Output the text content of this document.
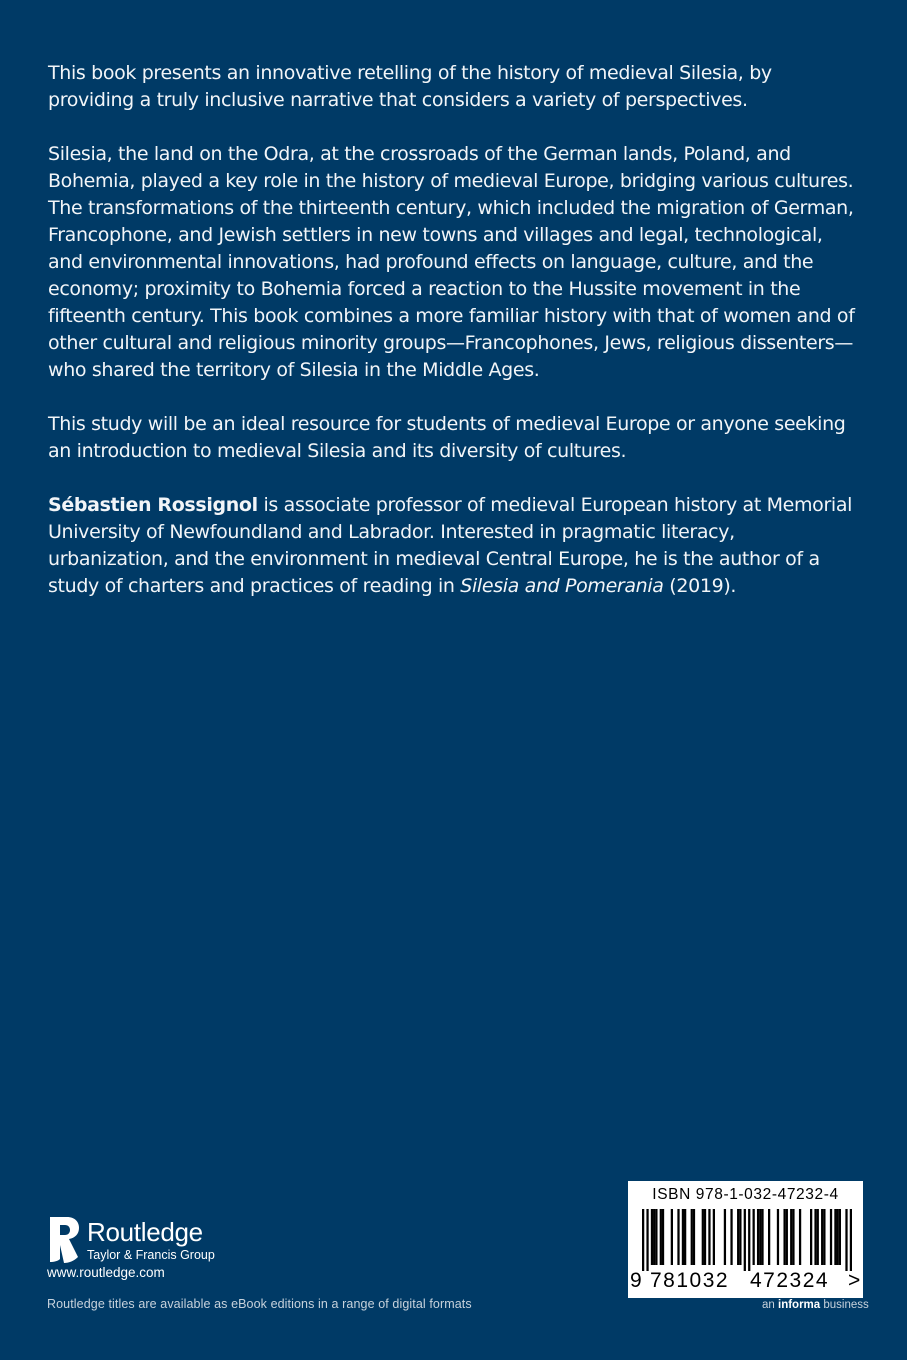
This book presents an innovative retelling of the history of medieval Silesia, by providing a truly inclusive narrative that considers a variety of perspectives.

Silesia, the land on the Odra, at the crossroads of the German lands, Poland, and Bohemia, played a key role in the history of medieval Europe, bridging various cultures. The transformations of the thirteenth century, which included the migration of German, Francophone, and Jewish settlers in new towns and villages and legal, technological, and environmental innovations, had profound effects on language, culture, and the economy; proximity to Bohemia forced a reaction to the Hussite movement in the fifteenth century. This book combines a more familiar history with that of women and of other cultural and religious minority groups—Francophones, Jews, religious dissenters—who shared the territory of Silesia in the Middle Ages.

This study will be an ideal resource for students of medieval Europe or anyone seeking an introduction to medieval Silesia and its diversity of cultures.

Sébastien Rossignol is associate professor of medieval European history at Memorial University of Newfoundland and Labrador. Interested in pragmatic literacy, urbanization, and the environment in medieval Central Europe, he is the author of a study of charters and practices of reading in Silesia and Pomerania (2019).

Routledge
Taylor & Francis Group
www.routledge.com
Routledge titles are available as eBook editions in a range of digital formats
ISBN 978-1-032-47232-4
9 781032 472324 >
an informa business
